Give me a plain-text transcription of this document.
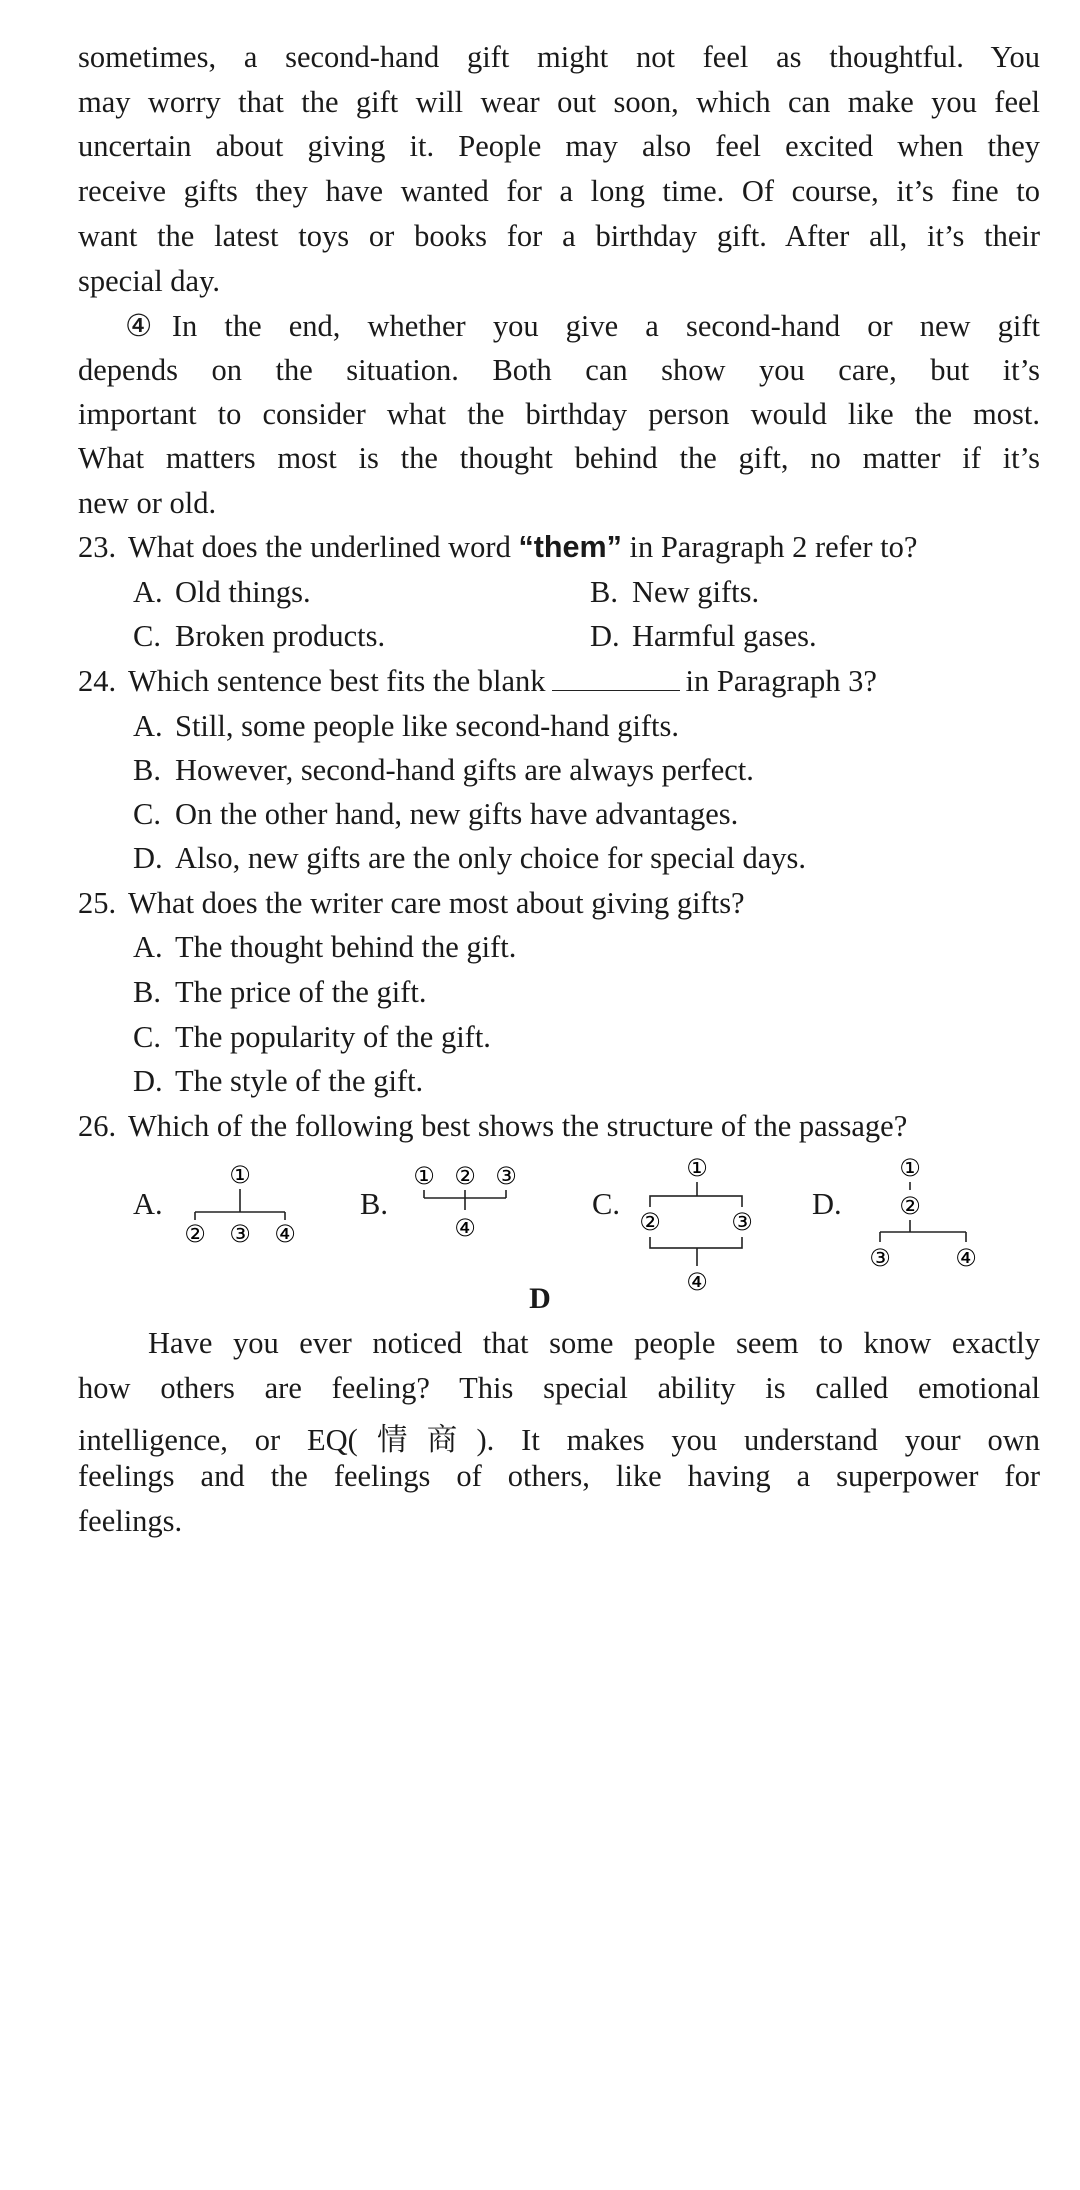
sometimes, a second-hand gift might not feel as thoughtful. You
may worry that the gift will wear out soon, which can make you feel
uncertain about giving it. People may also feel excited when they
receive gifts they have wanted for a long time. Of course, it’s fine to
want the latest toys or books for a birthday gift. After all, it’s their
special day.
④In the end, whether you give a second-hand or new gift
depends on the situation. Both can show you care, but it’s
important to consider what the birthday person would like the most.
What matters most is the thought behind the gift, no matter if it’s
new or old.
23. What does the underlined word “them” in Paragraph 2 refer to?
A. Old things.	B. New gifts.
C. Broken products.	D. Harmful gases.
24. Which sentence best fits the blank	in Paragraph 3?
A. Still, some people like second-hand gifts.
B. However, second-hand gifts are always perfect.
C. On the other hand, new gifts have advantages.
D. Also, new gifts are the only choice for special days.
25. What does the writer care most about giving gifts?
A. The thought behind the gift.
B. The price of the gift.
C. The popularity of the gift.
D. The style of the gift.
26. Which of the following best shows the structure of the passage?
A.
①
② ③ ④
B.
① ② ③
④
C.
①
②	③
④
D.
①
②
③	④
D
Have you ever noticed that some people seem to know exactly
how others are feeling? This special ability is called emotional
intelligence, or EQ(情商). It makes you understand your own
feelings and the feelings of others, like having a superpower for
feelings.
